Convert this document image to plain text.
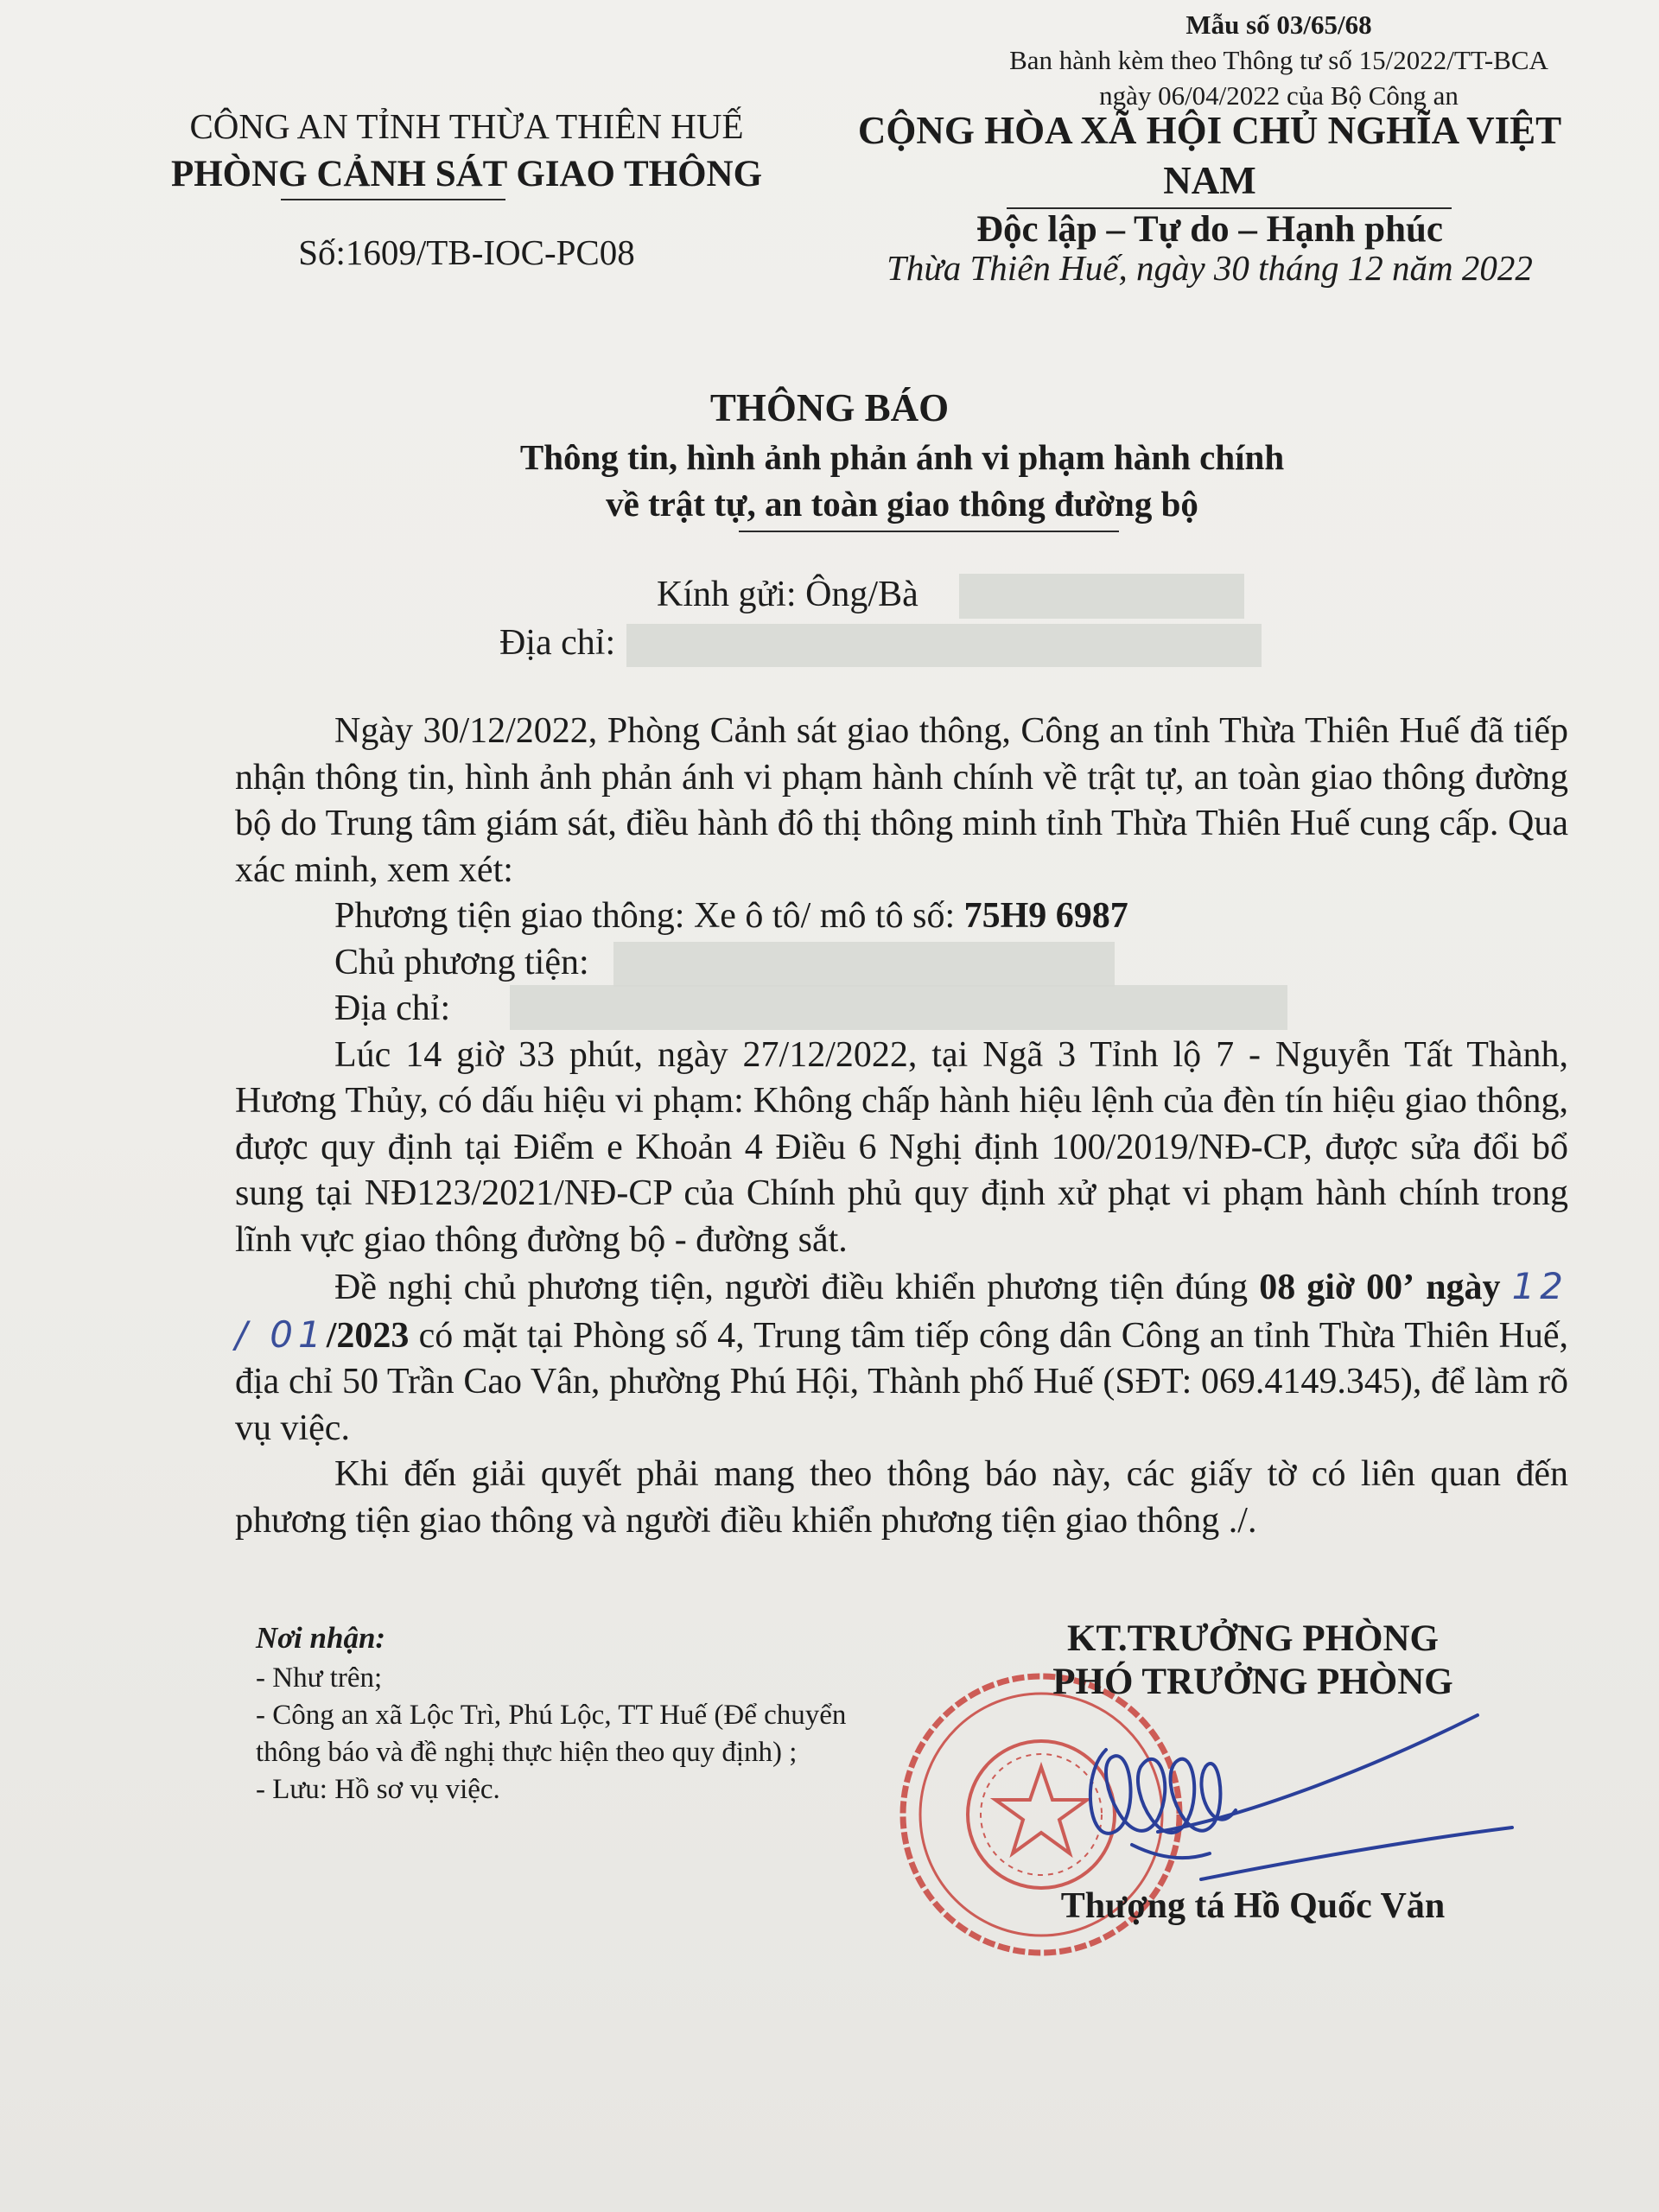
Mẫu số 03/65/68
Ban hành kèm theo Thông tư số 15/2022/TT-BCA
ngày 06/04/2022 của Bộ Công an
CÔNG AN TỈNH THỪA THIÊN HUẾ
PHÒNG CẢNH SÁT GIAO THÔNG
Số:1609/TB-IOC-PC08
CỘNG HÒA XÃ HỘI CHỦ NGHĨA VIỆT NAM
Độc lập – Tự do – Hạnh phúc
Thừa Thiên Huế, ngày 30 tháng 12 năm 2022
THÔNG BÁO
Thông tin, hình ảnh phản ánh vi phạm hành chính
về trật tự, an toàn giao thông đường bộ
Kính gửi: Ông/Bà
Địa chỉ:

Ngày 30/12/2022, Phòng Cảnh sát giao thông, Công an tỉnh Thừa Thiên Huế đã tiếp nhận thông tin, hình ảnh phản ánh vi phạm hành chính về trật tự, an toàn giao thông đường bộ do Trung tâm giám sát, điều hành đô thị thông minh tỉnh Thừa Thiên Huế cung cấp. Qua xác minh, xem xét:

Phương tiện giao thông: Xe ô tô/ mô tô số: 75H9 6987

Chủ phương tiện:

Địa chỉ:

Lúc 14 giờ 33 phút, ngày 27/12/2022, tại Ngã 3 Tỉnh lộ 7 - Nguyễn Tất Thành, Hương Thủy, có dấu hiệu vi phạm: Không chấp hành hiệu lệnh của đèn tín hiệu giao thông, được quy định tại Điểm e Khoản 4 Điều 6 Nghị định 100/2019/NĐ-CP, được sửa đổi bổ sung tại NĐ123/2021/NĐ-CP của Chính phủ quy định xử phạt vi phạm hành chính trong lĩnh vực giao thông đường bộ - đường sắt.

Đề nghị chủ phương tiện, người điều khiển phương tiện đúng 08 giờ 00’ ngày 12 / 01/2023 có mặt tại Phòng số 4, Trung tâm tiếp công dân Công an tỉnh Thừa Thiên Huế, địa chỉ 50 Trần Cao Vân, phường Phú Hội, Thành phố Huế (SĐT: 069.4149.345), để làm rõ vụ việc.

Khi đến giải quyết phải mang theo thông báo này, các giấy tờ có liên quan đến phương tiện giao thông và người điều khiển phương tiện giao thông ./.

Nơi nhận:
- Như trên;
- Công an xã Lộc Trì, Phú Lộc, TT Huế (Để chuyển thông báo và đề nghị thực hiện theo quy định) ;
- Lưu: Hồ sơ vụ việc.
KT.TRƯỞNG PHÒNG
PHÓ TRƯỞNG PHÒNG
Thượng tá Hồ Quốc Văn
